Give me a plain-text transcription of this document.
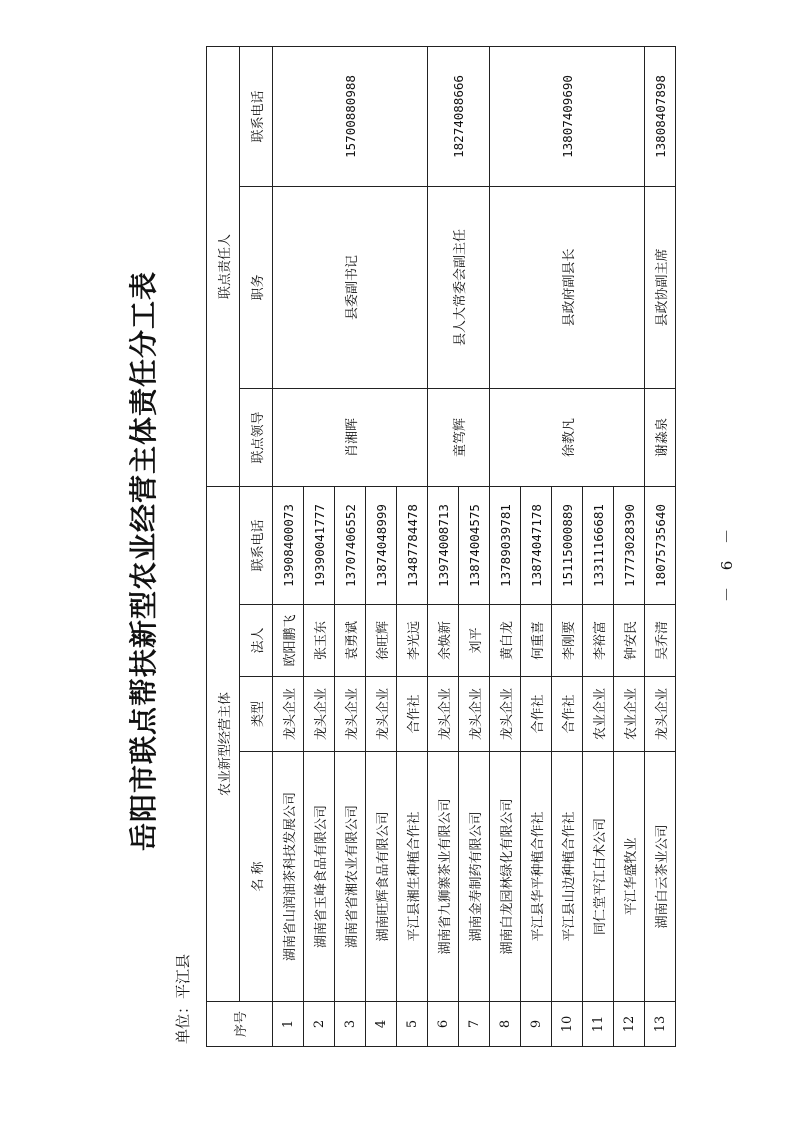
岳阳市联点帮扶新型农业经营主体责任分工表
单位：平江县
序号	农业新型经营主体				联点责任人		
	名 称	类型	法人	联系电话	联点领导	职务	联系电话
1	湖南省山润油茶科技发展公司	龙头企业	欧阳鹏飞	13908400073	肖湘晖	县委副书记	15700880988
2	湖南省玉峰食品有限公司	龙头企业	张玉东	19390041777			
3	湖南省省湘农业有限公司	龙头企业	袁勇斌	13707406552			
4	湖南旺辉食品有限公司	龙头企业	徐旺辉	13874048999			
5	平江县湘生种植合作社	合作社	李光远	13487784478			
6	湖南省九狮寨茶业有限公司	龙头企业	余焕新	13974008713	童笃辉	县人大常委会副主任	18274088666
7	湖南金寿制药有限公司	龙头企业	刘平	13874004575			
8	湖南白龙园林绿化有限公司	龙头企业	黄白龙	13789039781	徐教凡	县政府副县长	13807409690
9	平江县华平种植合作社	合作社	何重喜	13874047178			
10	平江县山边种植合作社	合作社	李刚要	15115000889			
11	同仁堂平江白术公司	农业企业	李裕富	13311166681			
12	平江华盛牧业	农业企业	钟安民	17773028390			
13	湖南白云茶业公司	龙头企业	吴乔清	18075735640	谢淼泉	县政协副主席	13808407898
－ 6 －
